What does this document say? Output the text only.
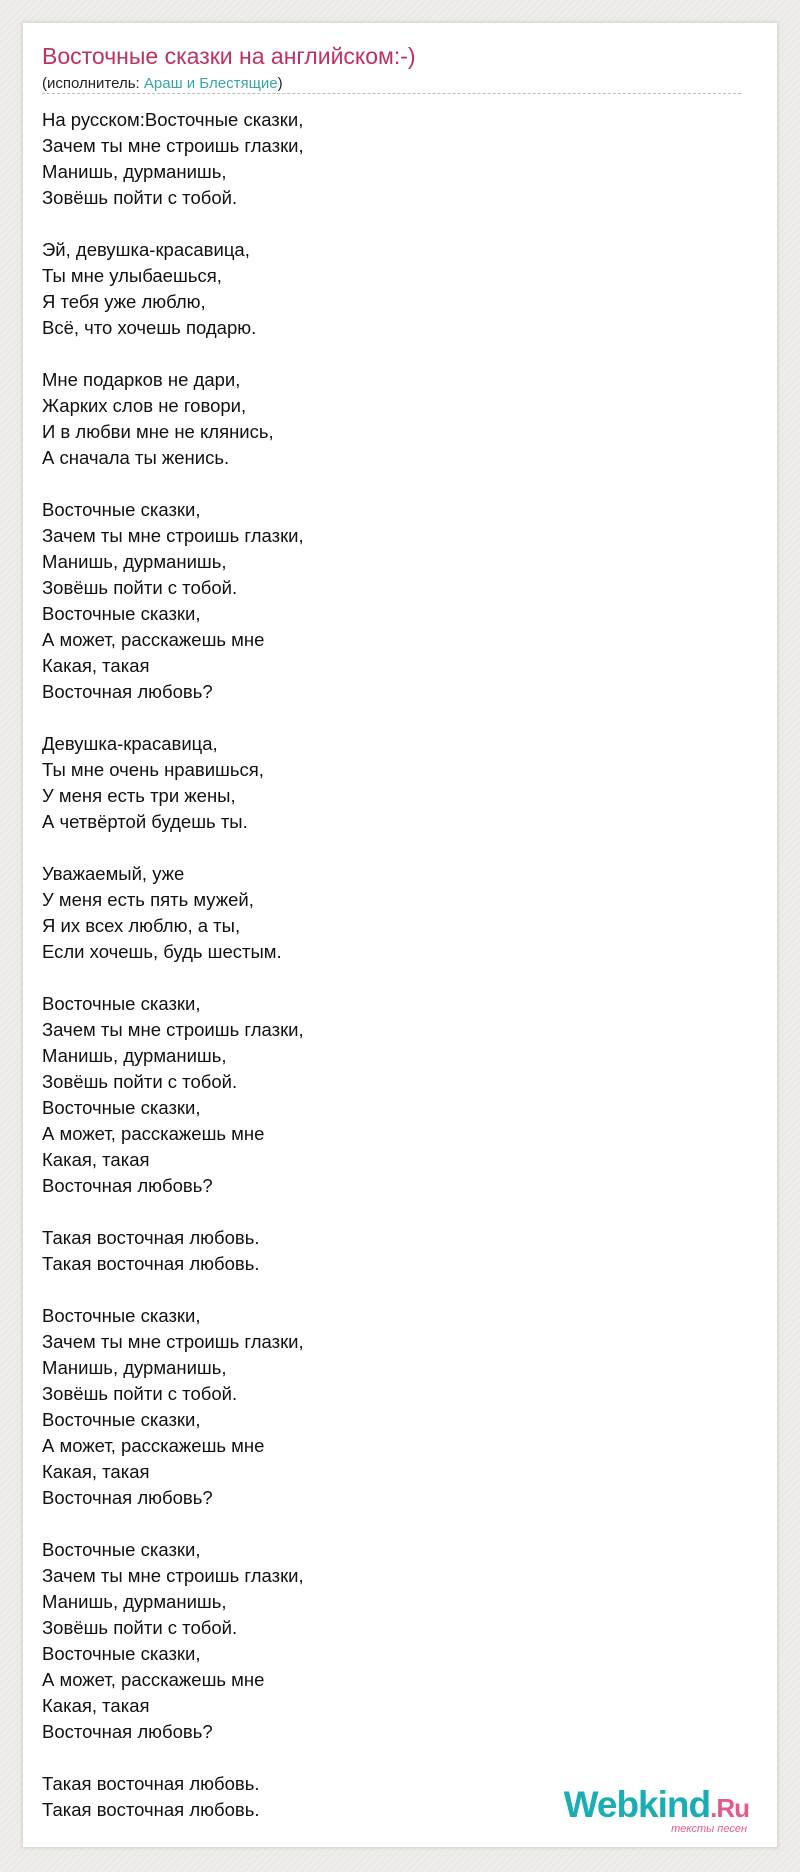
Восточные сказки на английском:-)
(исполнитель: Араш и Блестящие)
На русском:Восточные сказки,
Зачем ты мне строишь глазки,
Манишь, дурманишь,
Зовёшь пойти с тобой.

Эй, девушка-красавица,
Ты мне улыбаешься,
Я тебя уже люблю,
Всё, что хочешь подарю.

Мне подарков не дари,
Жарких слов не говори,
И в любви мне не клянись,
А сначала ты женись.

Восточные сказки,
Зачем ты мне строишь глазки,
Манишь, дурманишь,
Зовёшь пойти с тобой.
Восточные сказки,
А может, расскажешь мне
Какая, такая
Восточная любовь?

Девушка-красавица,
Ты мне очень нравишься,
У меня есть три жены,
А четвёртой будешь ты.

Уважаемый, уже
У меня есть пять мужей,
Я их всех люблю, а ты,
Если хочешь, будь шестым.

Восточные сказки,
Зачем ты мне строишь глазки,
Манишь, дурманишь,
Зовёшь пойти с тобой.
Восточные сказки,
А может, расскажешь мне
Какая, такая
Восточная любовь?

Такая восточная любовь.
Такая восточная любовь.

Восточные сказки,
Зачем ты мне строишь глазки,
Манишь, дурманишь,
Зовёшь пойти с тобой.
Восточные сказки,
А может, расскажешь мне
Какая, такая
Восточная любовь?

Восточные сказки,
Зачем ты мне строишь глазки,
Манишь, дурманишь,
Зовёшь пойти с тобой.
Восточные сказки,
А может, расскажешь мне
Какая, такая
Восточная любовь?

Такая восточная любовь.
Такая восточная любовь.	Webkind.Ru
тексты песен
